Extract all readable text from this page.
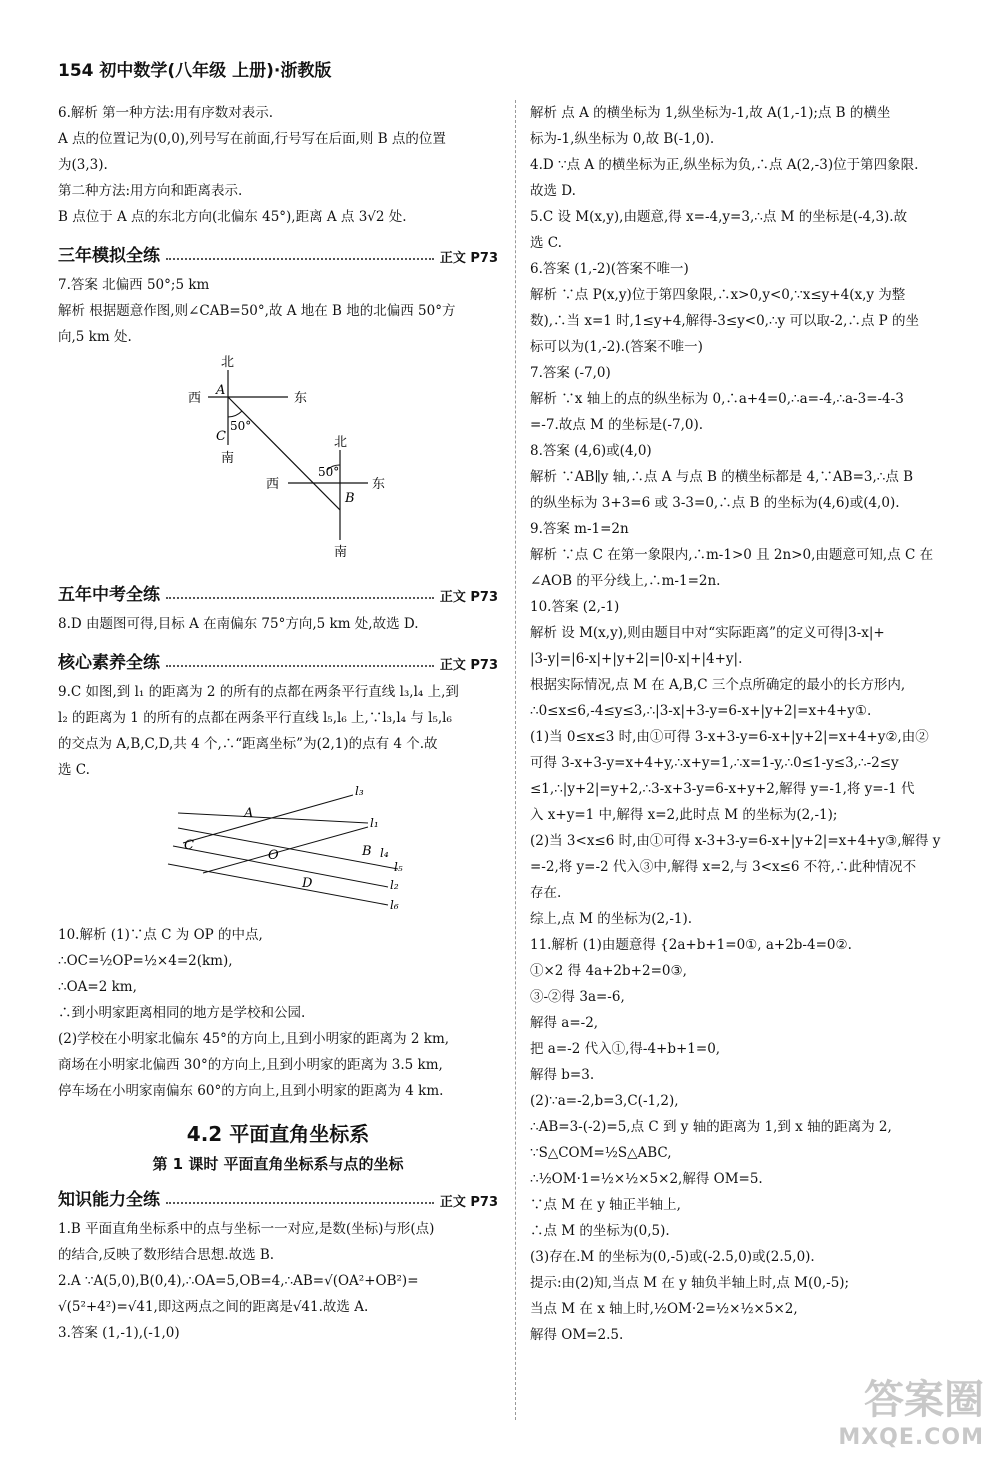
154 初中数学(八年级 上册)·浙教版

6.解析 第一种方法:用有序数对表示.

A 点的位置记为(0,0),列号写在前面,行号写在后面,则 B 点的位置

为(3,3).

第二种方法:用方向和距离表示.

B 点位于 A 点的东北方向(北偏东 45°),距离 A 点 3√2 处.

三年模拟全练	正文 P73

7.答案 北偏西 50°;5 km

解析 根据题意作图,则∠CAB=50°,故 A 地在 B 地的北偏西 50°方

向,5 km 处.

北
西	东
南
A
C
50°
北
西	东
南
B
50°
五年中考全练	正文 P73

8.D 由题图可得,目标 A 在南偏东 75°方向,5 km 处,故选 D.

核心素养全练	正文 P73

9.C 如图,到 l₁ 的距离为 2 的所有的点都在两条平行直线 l₃,l₄ 上,到

l₂ 的距离为 1 的所有的点都在两条平行直线 l₅,l₆ 上,∵l₃,l₄ 与 l₅,l₆

的交点为 A,B,C,D,共 4 个,∴“距离坐标”为(2,1)的点有 4 个.故

选 C.

l₃
l₁
l₄
l₅
l₂
l₆
A
C
O	B
D

10.解析 (1)∵点 C 为 OP 的中点,

∴OC=½OP=½×4=2(km),

∴OA=2 km,

∴到小明家距离相同的地方是学校和公园.

(2)学校在小明家北偏东 45°的方向上,且到小明家的距离为 2 km,

商场在小明家北偏西 30°的方向上,且到小明家的距离为 3.5 km,

停车场在小明家南偏东 60°的方向上,且到小明家的距离为 4 km.

4.2 平面直角坐标系
第 1 课时 平面直角坐标系与点的坐标
知识能力全练	正文 P73

1.B 平面直角坐标系中的点与坐标一一对应,是数(坐标)与形(点)

的结合,反映了数形结合思想.故选 B.

2.A ∵A(5,0),B(0,4),∴OA=5,OB=4,∴AB=√(OA²+OB²)=

√(5²+4²)=√41,即这两点之间的距离是√41.故选 A.

3.答案 (1,-1),(-1,0)

解析 点 A 的横坐标为 1,纵坐标为-1,故 A(1,-1);点 B 的横坐

标为-1,纵坐标为 0,故 B(-1,0).

4.D ∵点 A 的横坐标为正,纵坐标为负,∴点 A(2,-3)位于第四象限.

故选 D.

5.C 设 M(x,y),由题意,得 x=-4,y=3,∴点 M 的坐标是(-4,3).故

选 C.

6.答案 (1,-2)(答案不唯一)

解析 ∵点 P(x,y)位于第四象限,∴x>0,y<0,∵x≤y+4(x,y 为整

数),∴当 x=1 时,1≤y+4,解得-3≤y<0,∴y 可以取-2,∴点 P 的坐

标可以为(1,-2).(答案不唯一)

7.答案 (-7,0)

解析 ∵x 轴上的点的纵坐标为 0,∴a+4=0,∴a=-4,∴a-3=-4-3

=-7.故点 M 的坐标是(-7,0).

8.答案 (4,6)或(4,0)

解析 ∵AB∥y 轴,∴点 A 与点 B 的横坐标都是 4,∵AB=3,∴点 B

的纵坐标为 3+3=6 或 3-3=0,∴点 B 的坐标为(4,6)或(4,0).

9.答案 m-1=2n

解析 ∵点 C 在第一象限内,∴m-1>0 且 2n>0,由题意可知,点 C 在

∠AOB 的平分线上,∴m-1=2n.

10.答案 (2,-1)

解析 设 M(x,y),则由题目中对“实际距离”的定义可得|3-x|+

|3-y|=|6-x|+|y+2|=|0-x|+|4+y|.

根据实际情况,点 M 在 A,B,C 三个点所确定的最小的长方形内,

∴0≤x≤6,-4≤y≤3,∴|3-x|+3-y=6-x+|y+2|=x+4+y①.

(1)当 0≤x≤3 时,由①可得 3-x+3-y=6-x+|y+2|=x+4+y②,由②

可得 3-x+3-y=x+4+y,∴x+y=1,∴x=1-y,∴0≤1-y≤3,∴-2≤y

≤1,∴|y+2|=y+2,∴3-x+3-y=6-x+y+2,解得 y=-1,将 y=-1 代

入 x+y=1 中,解得 x=2,此时点 M 的坐标为(2,-1);

(2)当 3<x≤6 时,由①可得 x-3+3-y=6-x+|y+2|=x+4+y③,解得 y

=-2,将 y=-2 代入③中,解得 x=2,与 3<x≤6 不符,∴此种情况不

存在.

综上,点 M 的坐标为(2,-1).

11.解析 (1)由题意得 {2a+b+1=0①, a+2b-4=0②.

①×2 得 4a+2b+2=0③,

③-②得 3a=-6,

解得 a=-2,

把 a=-2 代入①,得-4+b+1=0,

解得 b=3.

(2)∵a=-2,b=3,C(-1,2),

∴AB=3-(-2)=5,点 C 到 y 轴的距离为 1,到 x 轴的距离为 2,

∵S△COM=½S△ABC,

∴½OM·1=½×½×5×2,解得 OM=5.

∵点 M 在 y 轴正半轴上,

∴点 M 的坐标为(0,5).

(3)存在.M 的坐标为(0,-5)或(-2.5,0)或(2.5,0).

提示:由(2)知,当点 M 在 y 轴负半轴上时,点 M(0,-5);

当点 M 在 x 轴上时,½OM·2=½×½×5×2,

解得 OM=2.5.

答案圈
MXQE.COM
